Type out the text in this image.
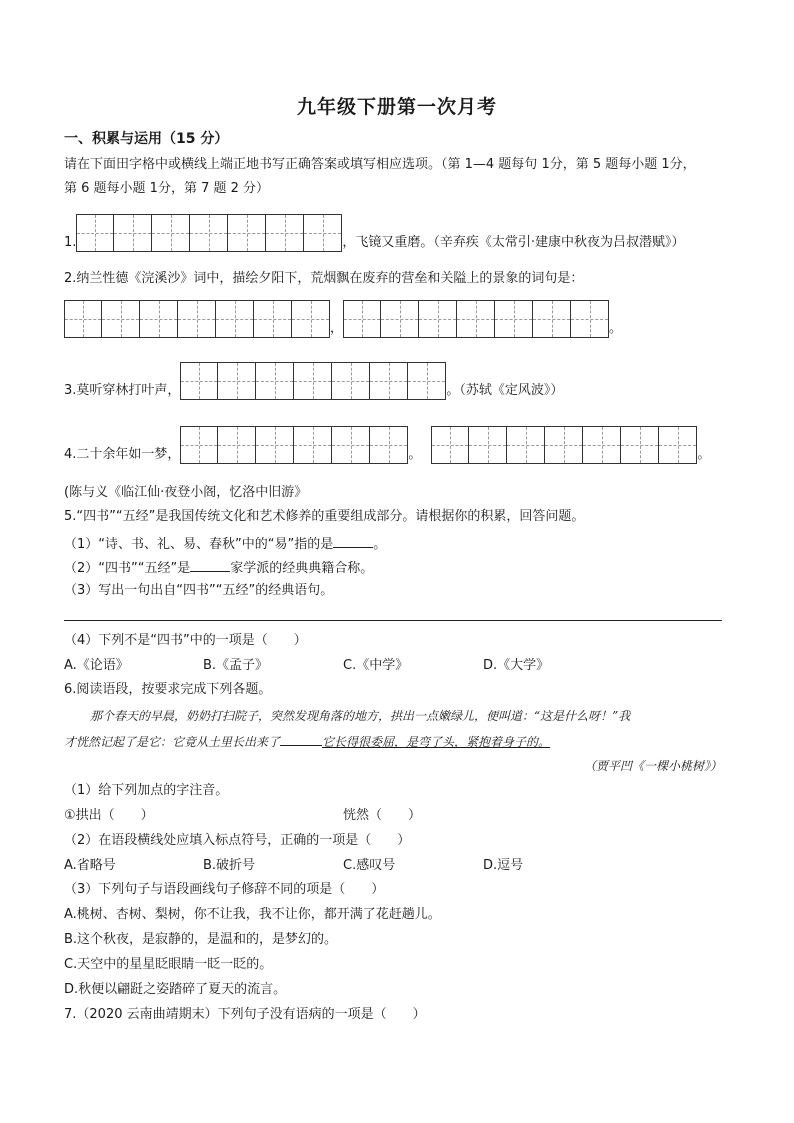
九年级下册第一次月考
一、积累与运用（15 分）
请在下面田字格中或横线上端正地书写正确答案或填写相应选项。（第 1—4 题每句 1分，第 5 题每小题 1分，
第 6 题每小题 1分，第 7 题 2 分）
1.	，飞镜又重磨。（辛弃疾《太常引·建康中秋夜为吕叔潜赋》）
2.纳兰性德《浣溪沙》词中，描绘夕阳下，荒烟飘在废弃的营垒和关隘上的景象的词句是：
，	。
3.莫听穿林打叶声，	。（苏轼《定风波》）
4.二十余年如一梦，	。	。
(陈与义《临江仙·夜登小阁，忆洛中旧游》
5.“四书”“五经”是我国传统文化和艺术修养的重要组成部分。请根据你的积累，回答问题。
（1）“诗、书、礼、易、春秋”中的“易”指的是	。
（2）“四书”“五经”是	家学派的经典典籍合称。
（3）写出一句出自“四书”“五经”的经典语句。
（4）下列不是“四书”中的一项是（　　）
A.《论语》	B.《孟子》	C.《中学》	D.《大学》
6.阅读语段，按要求完成下列各题。
那个春天的早晨，奶奶打扫院子，突然发现角落的地方，拱出一点嫩绿儿，便叫道：“这是什么呀！”我
才恍然记起了是它：它竟从土里长出来了	它长得很委屈，是弯了头，紧抱着身子的。
（贾平凹《一棵小桃树》）
（1）给下列加点的字注音。
①拱出（　　）	恍然（　　）
（2）在语段横线处应填入标点符号，正确的一项是（　　）
A.省略号	B.破折号	C.感叹号	D.逗号
（3）下列句子与语段画线句子修辞不同的项是（　　）
A.桃树、杏树、梨树，你不让我，我不让你，都开满了花赶趟儿。
B.这个秋夜，是寂静的，是温和的，是梦幻的。
C.天空中的星星眨眼睛一眨一眨的。
D.秋便以翩跹之姿踏碎了夏天的流言。
7.（2020 云南曲靖期末）下列句子没有语病的一项是（　　）
